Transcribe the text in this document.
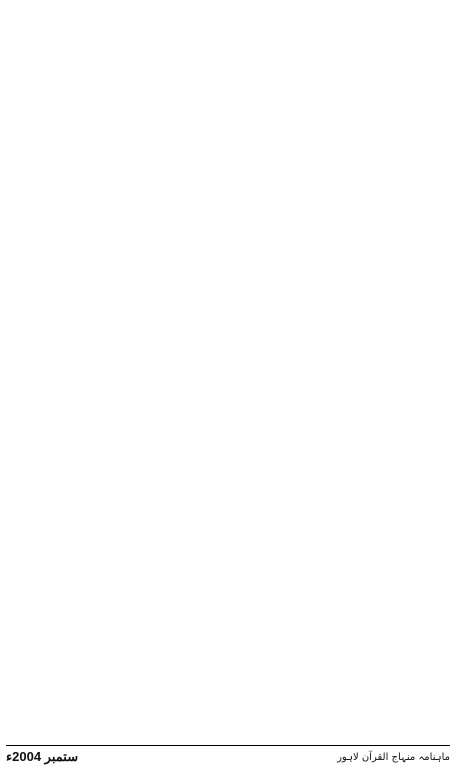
ستمبر 2004ء	ماہنامہ منہاج القرآن لاہور
